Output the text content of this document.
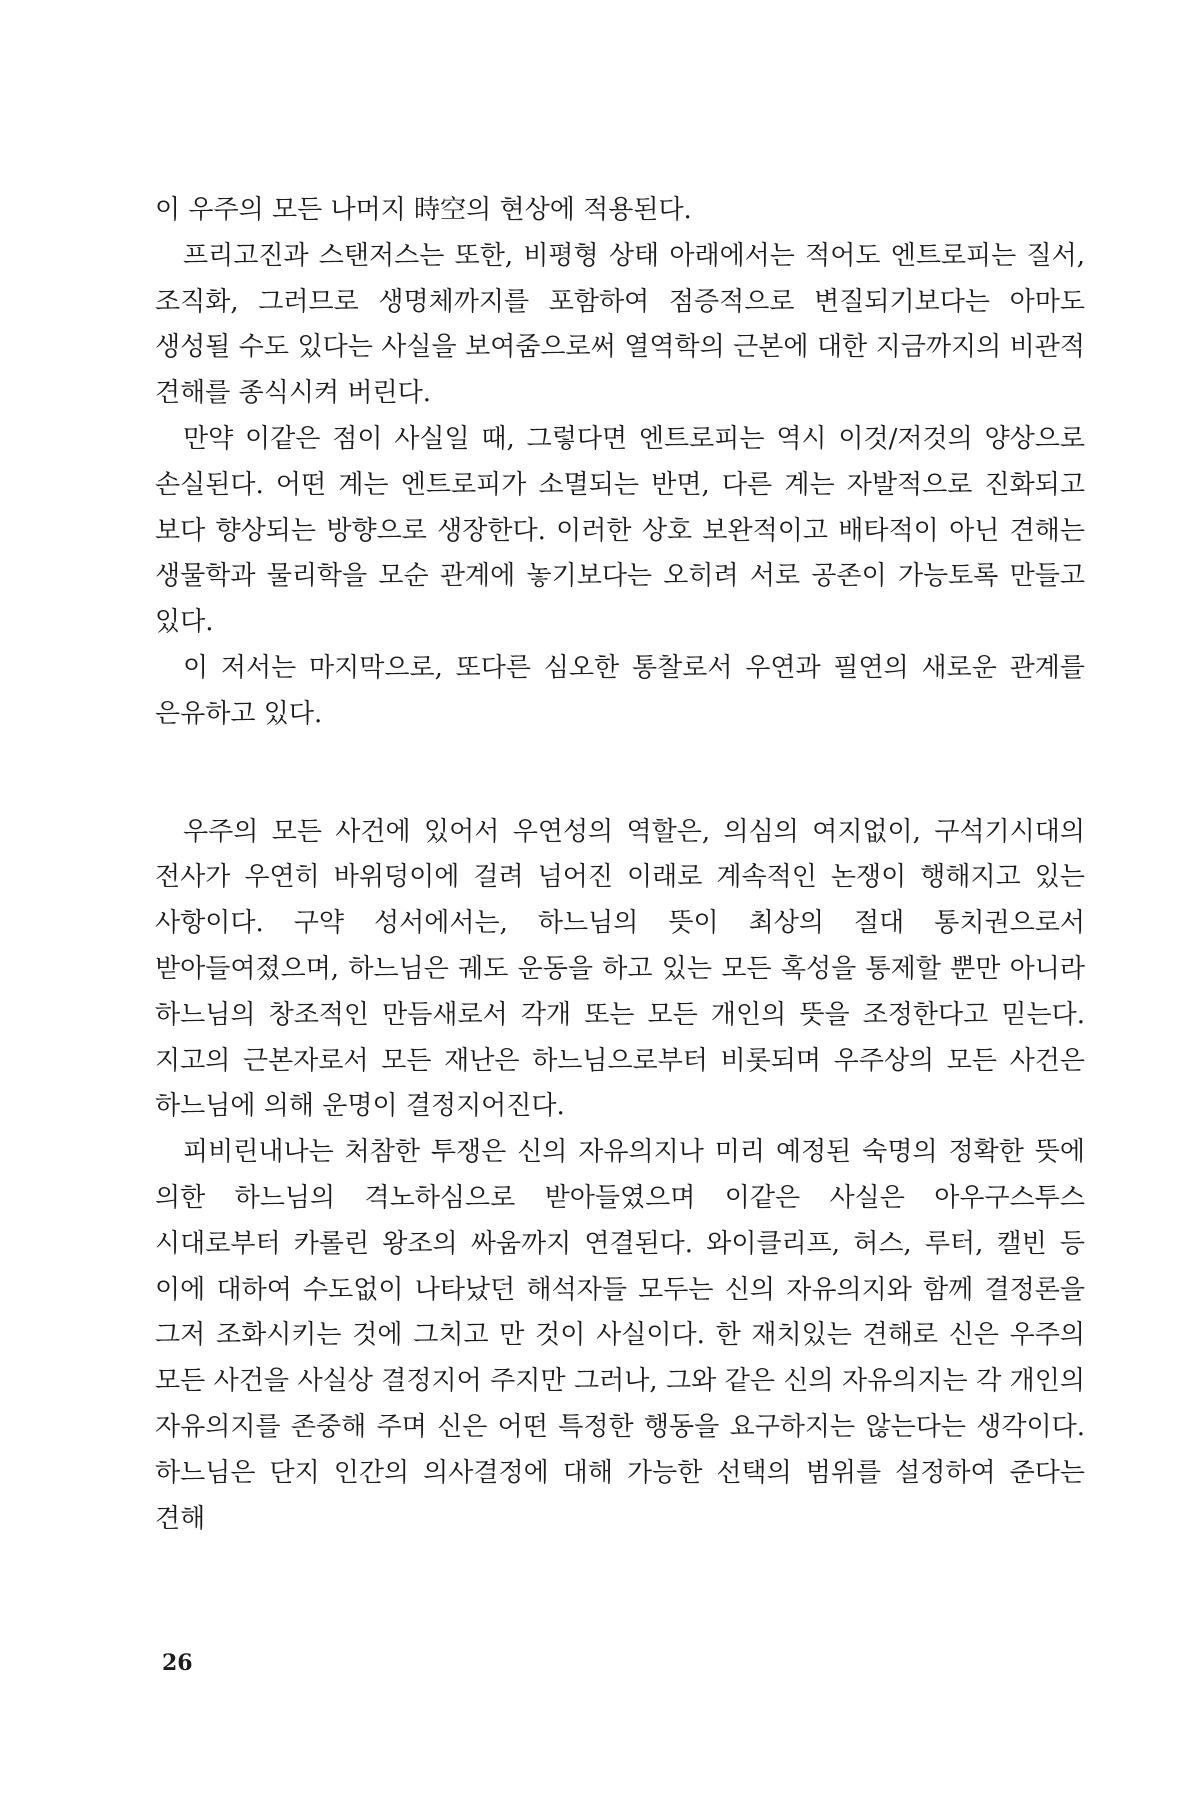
이 우주의 모든 나머지 時空의 현상에 적용된다.

프리고진과 스탠저스는 또한, 비평형 상태 아래에서는 적어도 엔트로피는 질서, 조직화, 그러므로 생명체까지를 포함하여 점증적으로 변질되기보다는 아마도 생성될 수도 있다는 사실을 보여줌으로써 열역학의 근본에 대한 지금까지의 비관적 견해를 종식시켜 버린다.

만약 이같은 점이 사실일 때, 그렇다면 엔트로피는 역시 이것/저것의 양상으로 손실된다. 어떤 계는 엔트로피가 소멸되는 반면, 다른 계는 자발적으로 진화되고 보다 향상되는 방향으로 생장한다. 이러한 상호 보완적이고 배타적이 아닌 견해는 생물학과 물리학을 모순 관계에 놓기보다는 오히려 서로 공존이 가능토록 만들고 있다.

이 저서는 마지막으로, 또다른 심오한 통찰로서 우연과 필연의 새로운 관계를 은유하고 있다.

우주의 모든 사건에 있어서 우연성의 역할은, 의심의 여지없이, 구석기시대의 전사가 우연히 바위덩이에 걸려 넘어진 이래로 계속적인 논쟁이 행해지고 있는 사항이다. 구약 성서에서는, 하느님의 뜻이 최상의 절대 통치권으로서 받아들여졌으며, 하느님은 궤도 운동을 하고 있는 모든 혹성을 통제할 뿐만 아니라 하느님의 창조적인 만듬새로서 각개 또는 모든 개인의 뜻을 조정한다고 믿는다. 지고의 근본자로서 모든 재난은 하느님으로부터 비롯되며 우주상의 모든 사건은 하느님에 의해 운명이 결정지어진다.

피비린내나는 처참한 투쟁은 신의 자유의지나 미리 예정된 숙명의 정확한 뜻에 의한 하느님의 격노하심으로 받아들였으며 이같은 사실은 아우구스투스 시대로부터 카롤린 왕조의 싸움까지 연결된다. 와이클리프, 허스, 루터, 캘빈 등 이에 대하여 수도없이 나타났던 해석자들 모두는 신의 자유의지와 함께 결정론을 그저 조화시키는 것에 그치고 만 것이 사실이다. 한 재치있는 견해로 신은 우주의 모든 사건을 사실상 결정지어 주지만 그러나, 그와 같은 신의 자유의지는 각 개인의 자유의지를 존중해 주며 신은 어떤 특정한 행동을 요구하지는 않는다는 생각이다. 하느님은 단지 인간의 의사결정에 대해 가능한 선택의 범위를 설정하여 준다는 견해

26
